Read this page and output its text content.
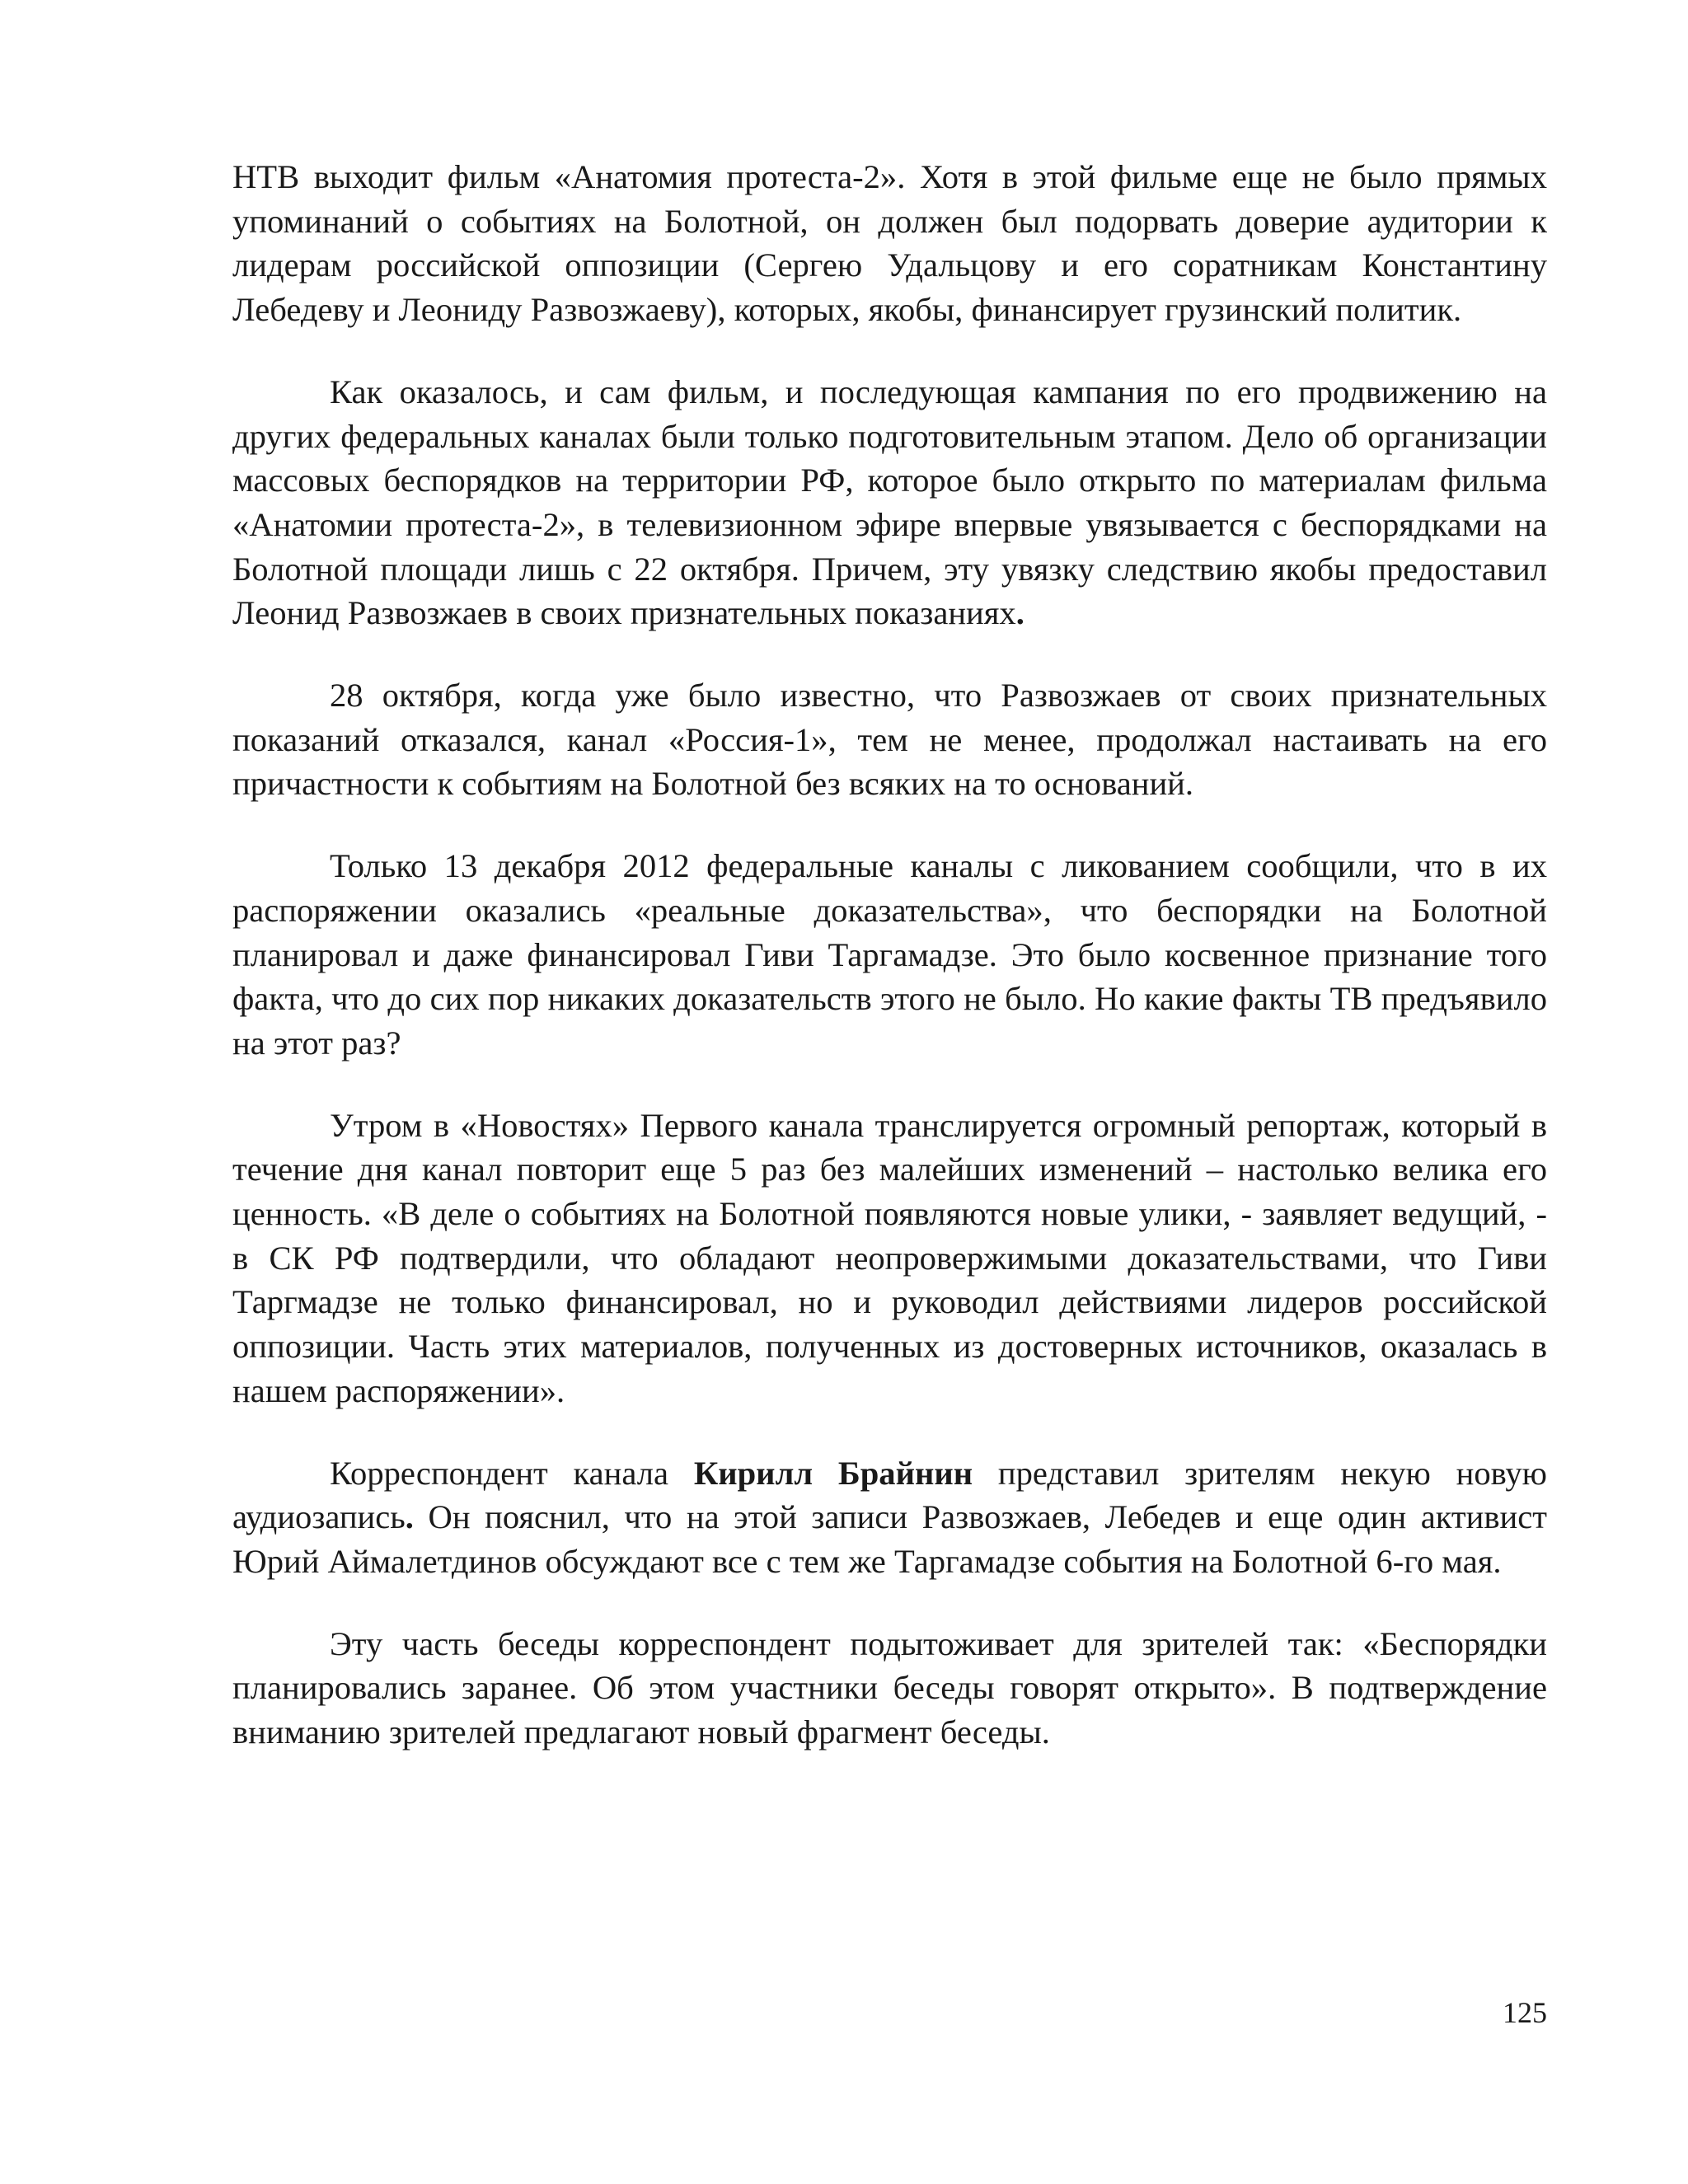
НТВ выходит фильм «Анатомия протеста-2». Хотя в этой фильме еще не было прямых упоминаний о событиях на Болотной, он должен был подорвать доверие аудитории к лидерам российской оппозиции (Сергею Удальцову и его соратникам Константину Лебедеву и Леониду Развозжаеву), которых, якобы, финансирует грузинский политик.

Как оказалось, и сам фильм, и последующая кампания по его продвижению на других федеральных каналах были только подготовительным этапом. Дело об организации массовых беспорядков на территории РФ, которое было открыто по материалам фильма «Анатомии протеста-2», в телевизионном эфире впервые увязывается с беспорядками на Болотной площади лишь с 22 октября. Причем, эту увязку следствию якобы предоставил Леонид Развозжаев в своих признательных показаниях.

28 октября, когда уже было известно, что Развозжаев от своих признательных показаний отказался, канал «Россия-1», тем не менее, продолжал настаивать на его причастности к событиям на Болотной без всяких на то оснований.

Только 13 декабря 2012 федеральные каналы с ликованием сообщили, что в их распоряжении оказались «реальные доказательства», что беспорядки на Болотной планировал и даже финансировал Гиви Таргамадзе. Это было косвенное признание того факта, что до сих пор никаких доказательств этого не было. Но какие факты ТВ предъявило на этот раз?

Утром в «Новостях» Первого канала транслируется огромный репортаж, который в течение дня канал повторит еще 5 раз без малейших изменений – настолько велика его ценность. «В деле о событиях на Болотной появляются новые улики, - заявляет ведущий, - в СК РФ подтвердили, что обладают неопровержимыми доказательствами, что Гиви Таргмадзе не только финансировал, но и руководил действиями лидеров российской оппозиции. Часть этих материалов, полученных из достоверных источников, оказалась в нашем распоряжении».

Корреспондент канала Кирилл Брайнин представил зрителям некую новую аудиозапись. Он пояснил, что на этой записи Развозжаев, Лебедев и еще один активист Юрий Аймалетдинов обсуждают все с тем же Таргамадзе события на Болотной 6-го мая.

Эту часть беседы корреспондент подытоживает для зрителей так: «Беспорядки планировались заранее. Об этом участники беседы говорят открыто». В подтверждение вниманию зрителей предлагают новый фрагмент беседы.

125
